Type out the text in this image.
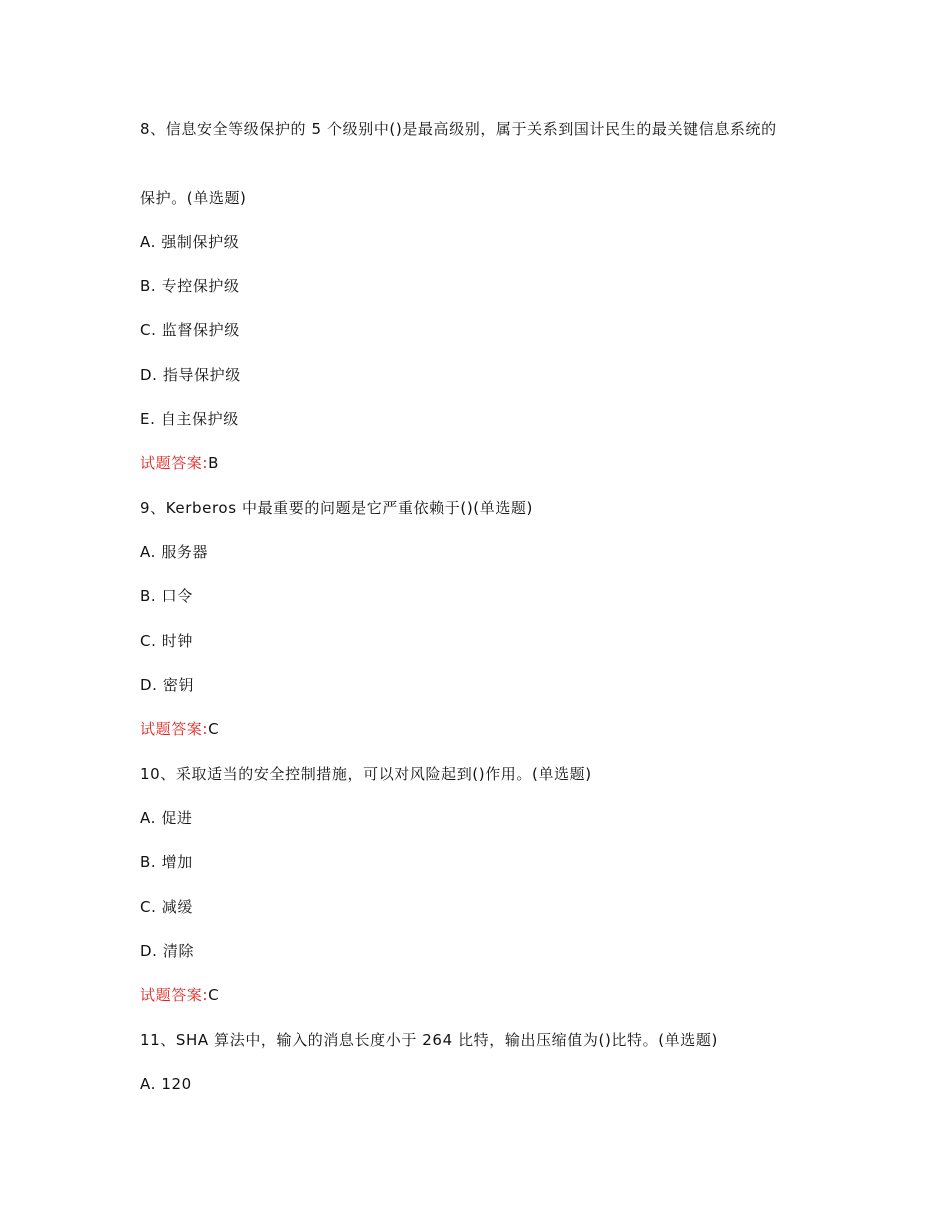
8、信息安全等级保护的 5 个级别中()是最高级别，属于关系到国计民生的最关键信息系统的
保护。(单选题)
A. 强制保护级
B. 专控保护级
C. 监督保护级
D. 指导保护级
E. 自主保护级
试题答案:B
9、Kerberos 中最重要的问题是它严重依赖于()(单选题)
A. 服务器
B. 口令
C. 时钟
D. 密钥
试题答案:C
10、采取适当的安全控制措施，可以对风险起到()作用。(单选题)
A. 促进
B. 增加
C. 减缓
D. 清除
试题答案:C
11、SHA 算法中，输入的消息长度小于 264 比特，输出压缩值为()比特。(单选题)
A. 120
